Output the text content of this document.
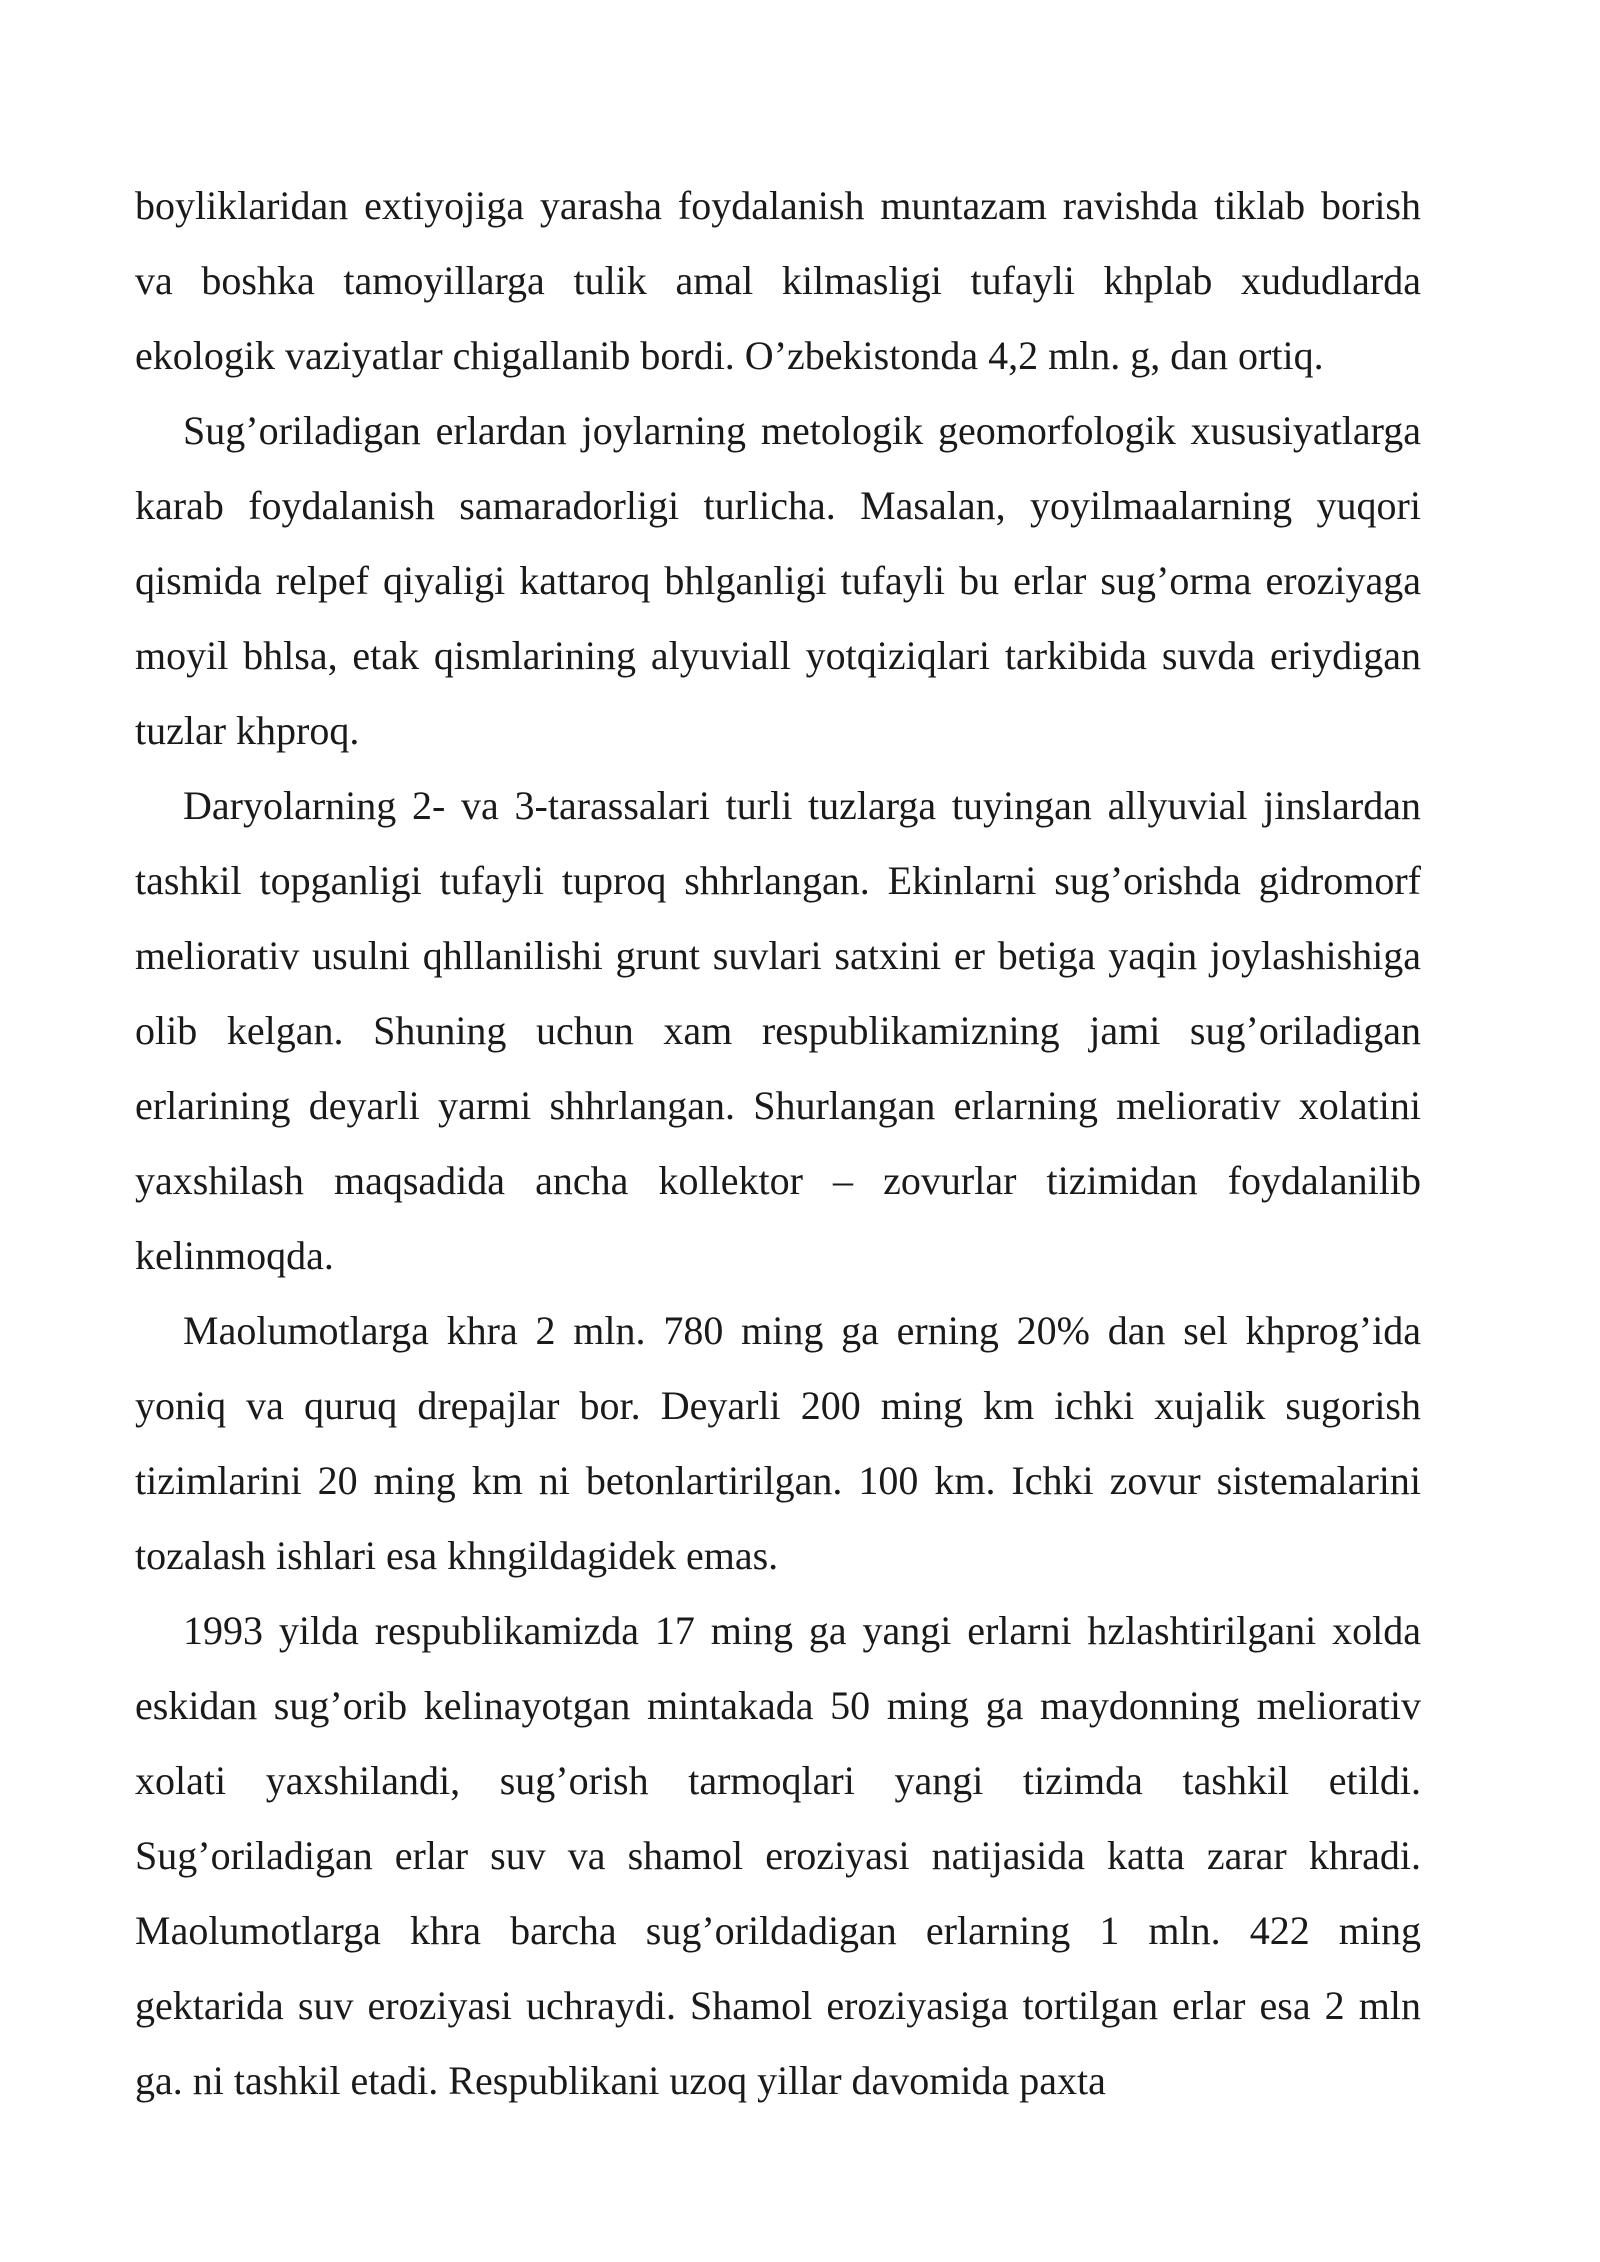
boyliklaridan extiyojiga yarasha foydalanish muntazam ravishda tiklab borish va boshka tamoyillarga tulik amal kilmasligi tufayli khplab xududlarda ekologik vaziyatlar chigallanib bordi. O’zbekistonda 4,2 mln. g, dan ortiq.

Sug’oriladigan erlardan joylarning metologik geomorfologik xususiyatlarga karab foydalanish samaradorligi turlicha. Masalan, yoyilmaalarning yuqori qismida relpef qiyaligi kattaroq bhlganligi tufayli bu erlar sug’orma eroziyaga moyil bhlsa, etak qismlarining alyuviall yotqiziqlari tarkibida suvda eriydigan tuzlar khproq.

Daryolarning 2- va 3-tarassalari turli tuzlarga tuyingan allyuvial jinslardan tashkil topganligi tufayli tuproq shhrlangan. Ekinlarni sug’orishda gidromorf meliorativ usulni qhllanilishi grunt suvlari satxini er betiga yaqin joylashishiga olib kelgan. Shuning uchun xam respublikamizning jami sug’oriladigan erlarining deyarli yarmi shhrlangan. Shurlangan erlarning meliorativ xolatini yaxshilash maqsadida ancha kollektor – zovurlar tizimidan foydalanilib kelinmoqda.

Maolumotlarga khra 2 mln. 780 ming ga erning 20% dan sel khprog’ida yoniq va quruq drepajlar bor. Deyarli 200 ming km ichki xujalik sugorish tizimlarini 20 ming km ni betonlartirilgan. 100 km. Ichki zovur sistemalarini tozalash ishlari esa khngildagidek emas.

1993 yilda respublikamizda 17 ming ga yangi erlarni hzlashtirilgani xolda eskidan sug’orib kelinayotgan mintakada 50 ming ga maydonning meliorativ xolati yaxshilandi, sug’orish tarmoqlari yangi tizimda tashkil etildi. Sug’oriladigan erlar suv va shamol eroziyasi natijasida katta zarar khradi. Maolumotlarga khra barcha sug’orildadigan erlarning 1 mln. 422 ming gektarida suv eroziyasi uchraydi. Shamol eroziyasiga tortilgan erlar esa 2 mln ga. ni tashkil etadi. Respublikani uzoq yillar davomida paxta
